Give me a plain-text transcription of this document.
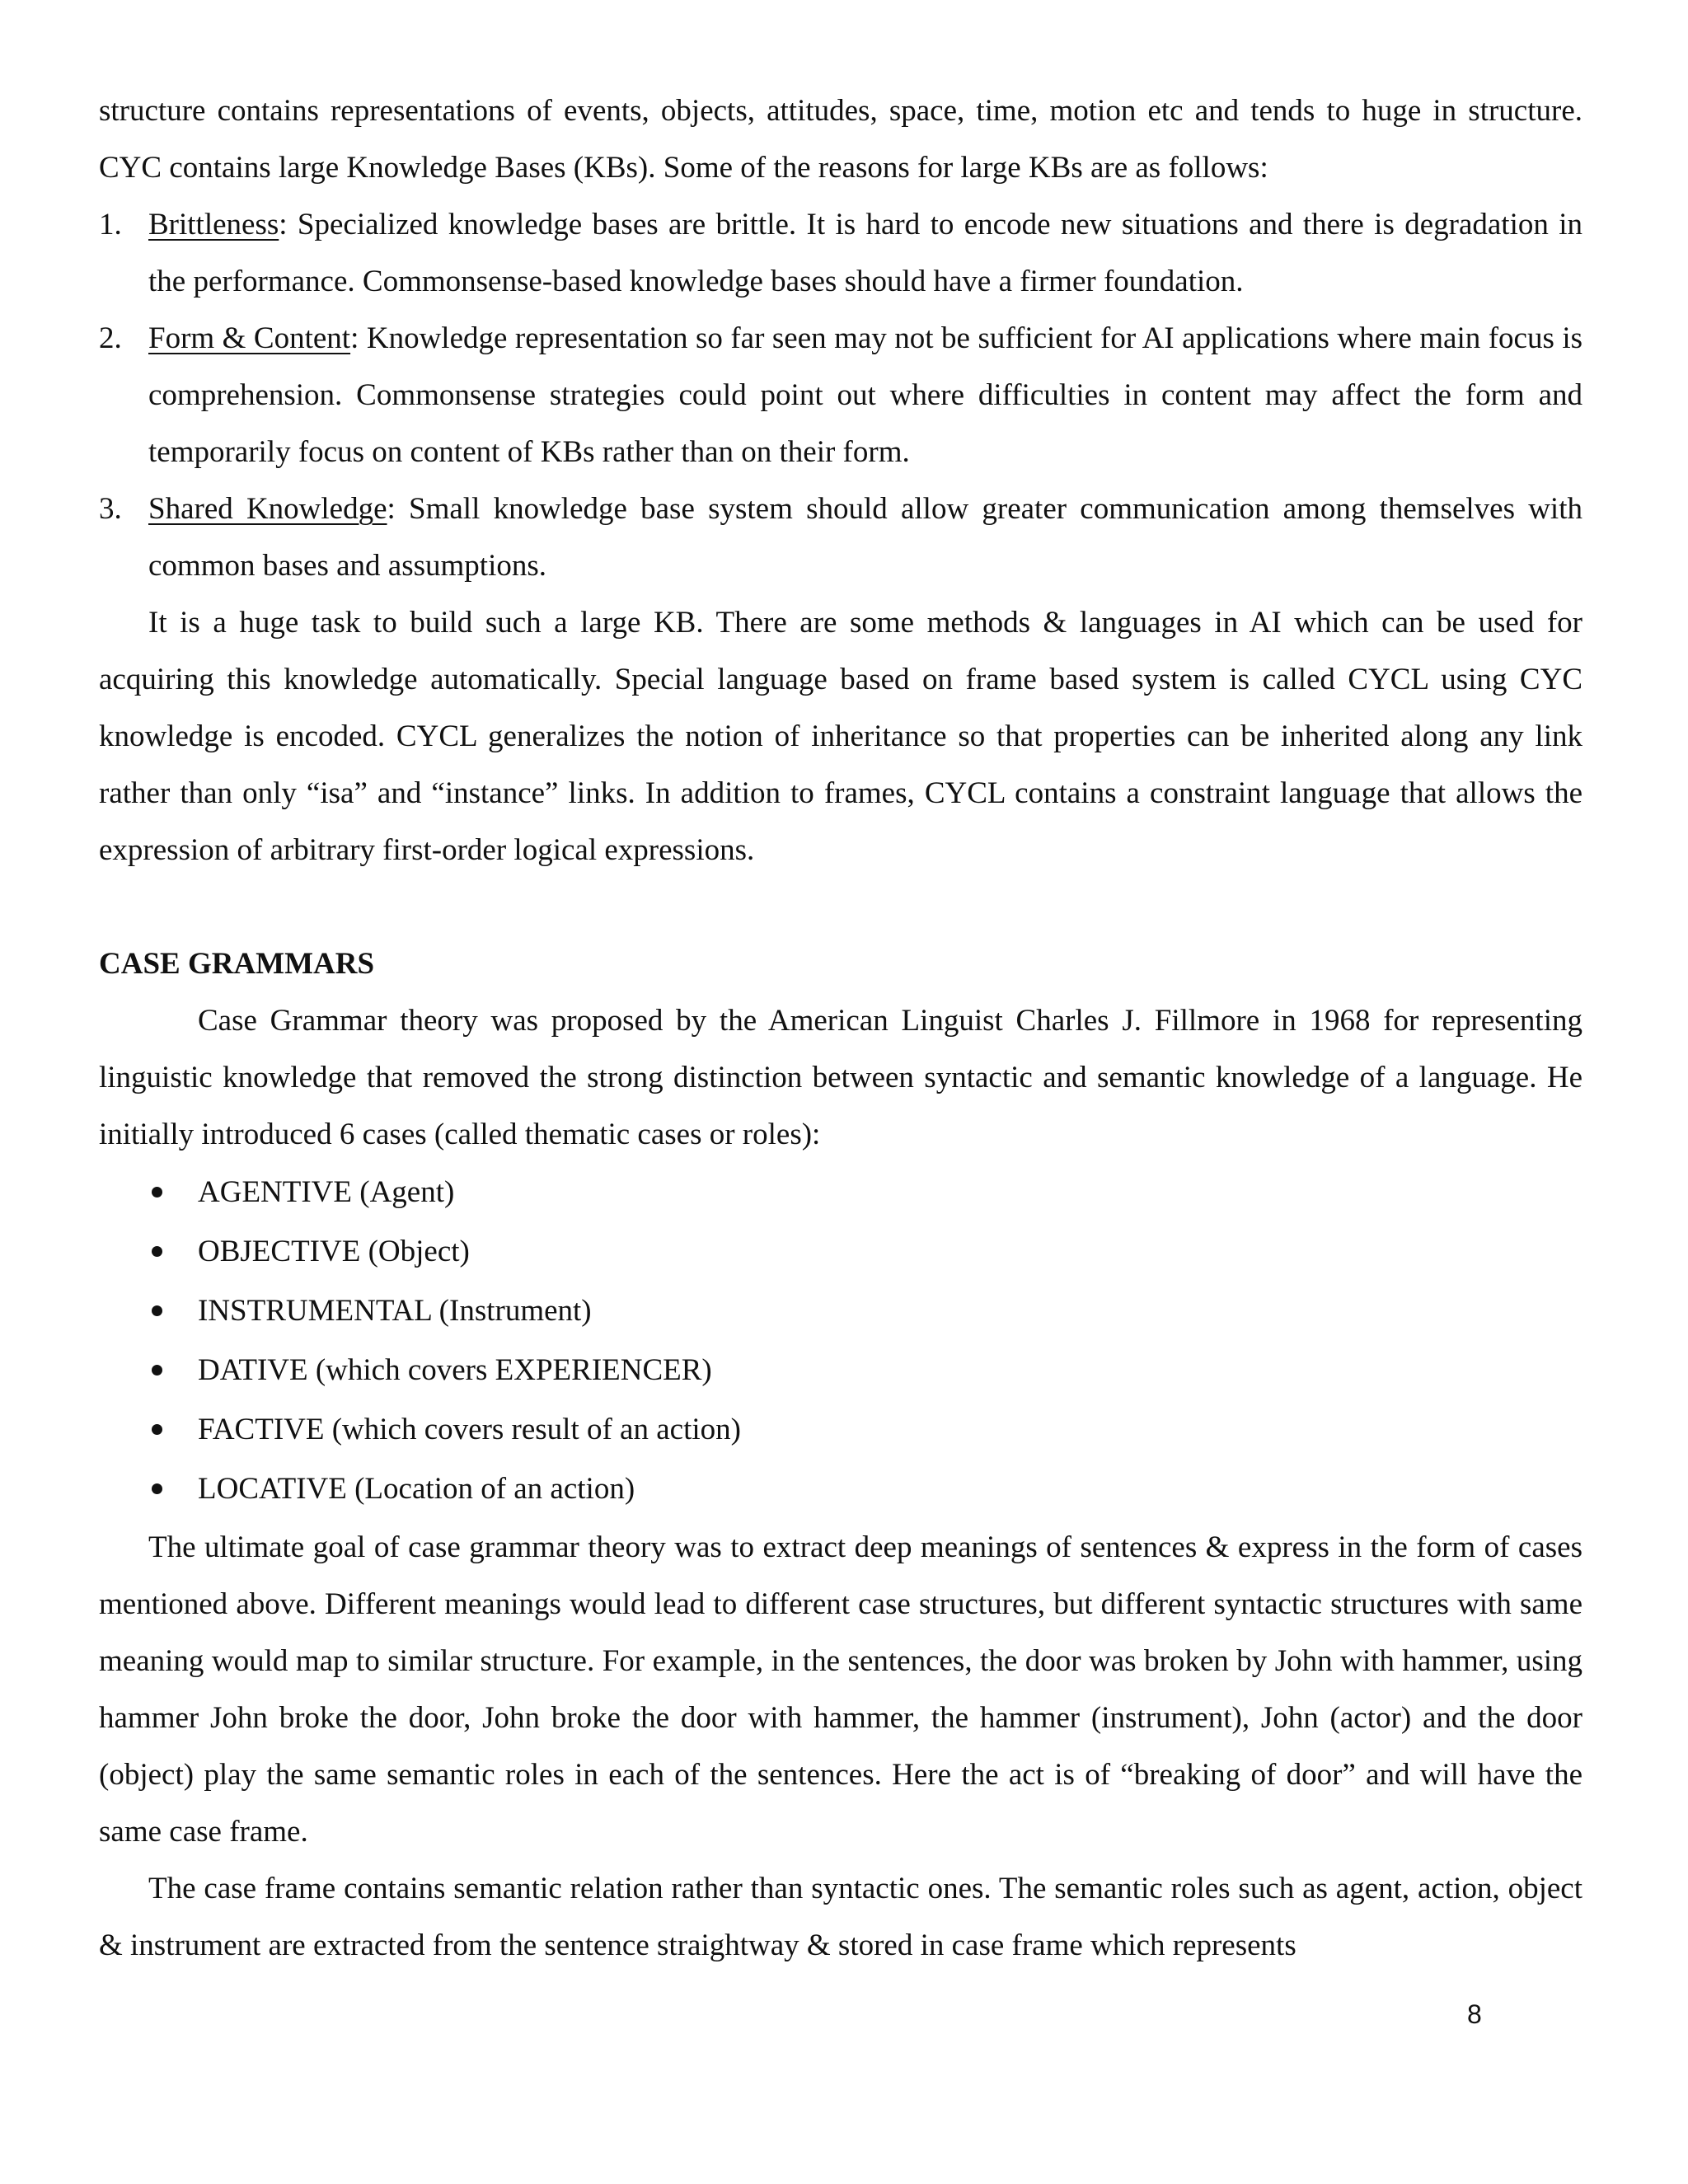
structure contains representations of events, objects, attitudes, space, time, motion etc and tends to huge in structure. CYC contains large Knowledge Bases (KBs). Some of the reasons for large KBs are as follows:

1. Brittleness: Specialized knowledge bases are brittle. It is hard to encode new situations and there is degradation in the performance. Commonsense-based knowledge bases should have a firmer foundation.
2. Form & Content: Knowledge representation so far seen may not be sufficient for AI applications where main focus is comprehension. Commonsense strategies could point out where difficulties in content may affect the form and temporarily focus on content of KBs rather than on their form.
3. Shared Knowledge: Small knowledge base system should allow greater communication among themselves with common bases and assumptions.

It is a huge task to build such a large KB. There are some methods & languages in AI which can be used for acquiring this knowledge automatically. Special language based on frame based system is called CYCL using CYC knowledge is encoded. CYCL generalizes the notion of inheritance so that properties can be inherited along any link rather than only “isa” and “instance” links. In addition to frames, CYCL contains a constraint language that allows the expression of arbitrary first-order logical expressions.

CASE GRAMMARS

Case Grammar theory was proposed by the American Linguist Charles J. Fillmore in 1968 for representing linguistic knowledge that removed the strong distinction between syntactic and semantic knowledge of a language. He initially introduced 6 cases (called thematic cases or roles):

AGENTIVE (Agent)
OBJECTIVE (Object)
INSTRUMENTAL (Instrument)
DATIVE (which covers EXPERIENCER)
FACTIVE (which covers result of an action)
LOCATIVE (Location of an action)

The ultimate goal of case grammar theory was to extract deep meanings of sentences & express in the form of cases mentioned above. Different meanings would lead to different case structures, but different syntactic structures with same meaning would map to similar structure. For example, in the sentences, the door was broken by John with hammer, using hammer John broke the door, John broke the door with hammer, the hammer (instrument), John (actor) and the door (object) play the same semantic roles in each of the sentences. Here the act is of “breaking of door” and will have the same case frame.

The case frame contains semantic relation rather than syntactic ones. The semantic roles such as agent, action, object & instrument are extracted from the sentence straightway & stored in case frame which represents

8
